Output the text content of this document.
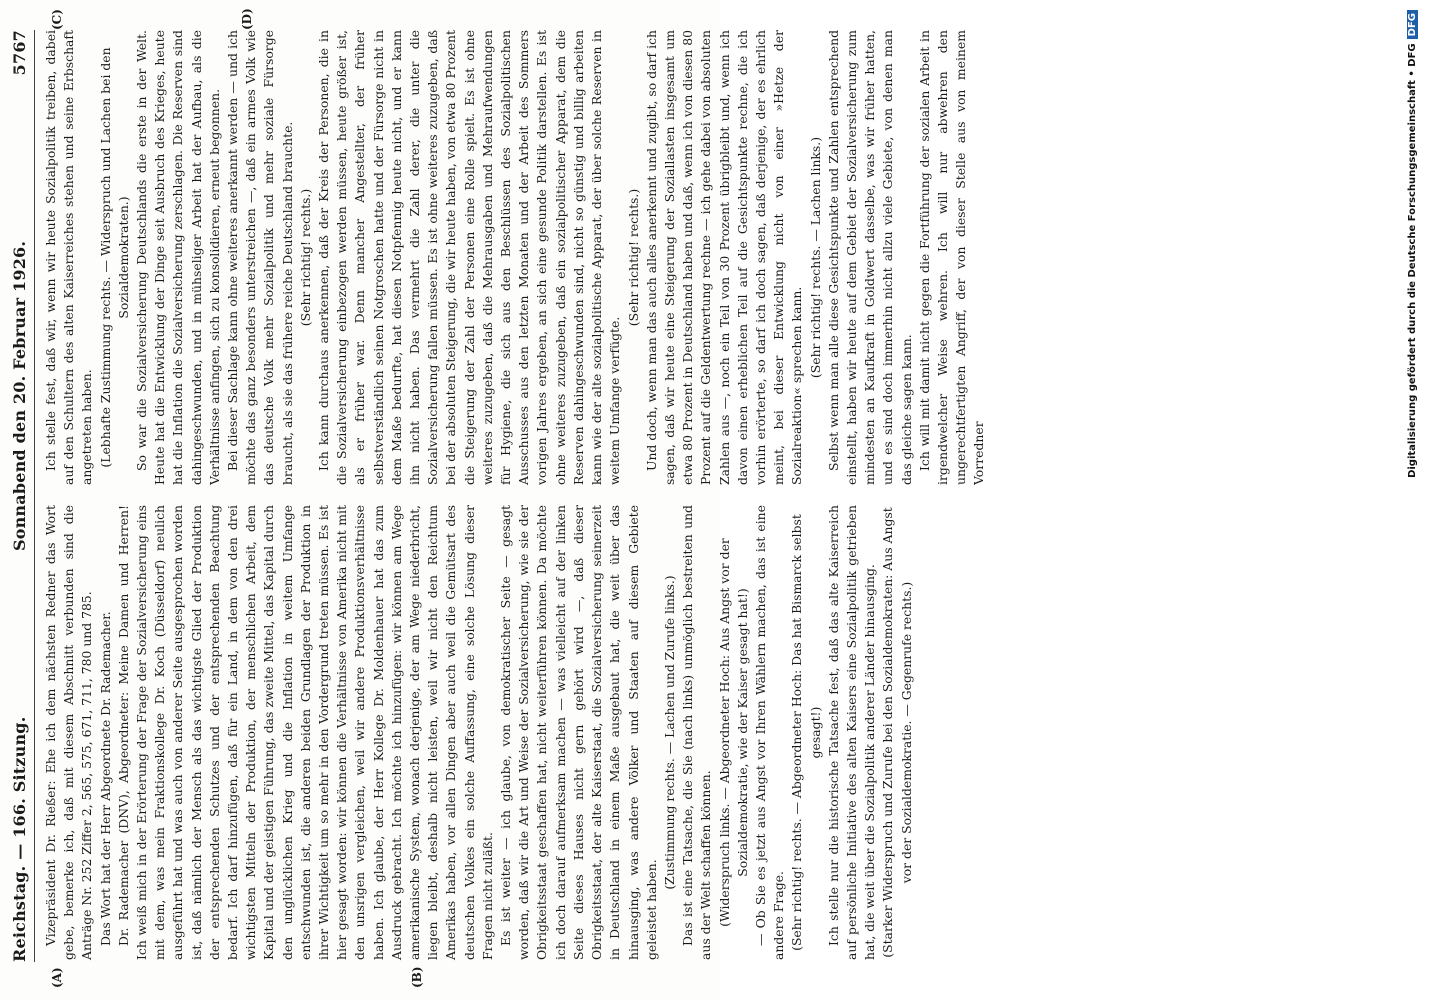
Digitalisierung gefördert durch die Deutsche Forschungsgemeinschaft • DFGDFG
Reichstag. — 166. Sitzung.
Sonnabend den 20. Februar 1926.
5767
(A)	(B)
(C)	(D)

Vizepräsident Dr. Rießer: Ehe ich dem nächsten Redner das Wort gebe, bemerke ich, daß mit diesem Abschnitt verbunden sind die Anträge Nr. 252 Ziffer 2, 565, 575, 671, 711, 780 und 785. Das Wort hat der Herr Abgeordnete Dr. Rademacher. Dr. Rademacher (DNV), Abgeordneter: Meine Damen und Herren! Ich weiß mich in der Erörterung der Frage der Sozialversicherung eins mit dem, was mein Fraktionskollege Dr. Koch (Düsseldorf) neulich ausgeführt hat und was auch von anderer Seite ausgesprochen worden ist, daß nämlich der Mensch als das wichtigste Glied der Produktion der entsprechenden Schutzes und der entsprechenden Beachtung bedarf. Ich darf hinzufügen, daß für ein Land, in dem von den drei wichtigsten Mitteln der Produktion, der menschlichen Arbeit, dem Kapital und der geistigen Führung, das zweite Mittel, das Kapital durch den unglücklichen Krieg und die Inflation in weitem Umfange entschwunden ist, die anderen beiden Grundlagen der Produktion in ihrer Wichtigkeit um so mehr in den Vordergrund treten müssen. Es ist hier gesagt worden: wir können die Verhältnisse von Amerika nicht mit den unsrigen vergleichen, weil wir andere Produktionsverhältnisse haben. Ich glaube, der Herr Kollege Dr. Moldenhauer hat das zum Ausdruck gebracht. Ich möchte ich hinzufügen: wir können am Wege amerikanische System, wonach derjenige, der am Wege niederbricht, liegen bleibt, deshalb nicht leisten, weil wir nicht den Reichtum Amerikas haben, vor allen Dingen aber auch weil die Gemütsart des deutschen Volkes ein solche Auffassung, eine solche Lösung dieser Fragen nicht zuläßt. Es ist weiter — ich glaube, von demokratischer Seite — gesagt worden, daß wir die Art und Weise der Sozialversicherung, wie sie der Obrigkeitsstaat geschaffen hat, nicht weiterführen können. Da möchte ich doch darauf aufmerksam machen — was vielleicht auf der linken Seite dieses Hauses nicht gern gehört wird —, daß dieser Obrigkeitsstaat, der alte Kaiserstaat, die Sozialversicherung seinerzeit in Deutschland in einem Maße ausgebaut hat, die weit über das hinausging, was andere Völker und Staaten auf diesem Gebiete geleistet haben.

(Zustimmung rechts. — Lachen und Zurufe links.) Das ist eine Tatsache, die Sie (nach links) unmöglich bestreiten und aus der Welt schaffen können. (Widerspruch links. — Abgeordneter Hoch: Aus Angst vor der Sozialdemokratie, wie der Kaiser gesagt hat!) — Ob Sie es jetzt aus Angst vor Ihren Wählern machen, das ist eine andere Frage. (Sehr richtig! rechts. — Abgeordneter Hoch: Das hat Bismarck selbst gesagt!) Ich stelle nur die historische Tatsache fest, daß das alte Kaiserreich auf persönliche Initiative des alten Kaisers eine Sozialpolitik getrieben hat, die weit über die Sozialpolitik anderer Länder hinausging. (Starker Widerspruch und Zurufe bei den Sozialdemokraten: Aus Angst vor der Sozialdemokratie. — Gegenrufe rechts.)

Ich stelle fest, daß wir, wenn wir heute Sozialpolitik treiben, dabei auf den Schultern des alten Kaiserreiches stehen und seine Erbschaft angetreten haben. (Lebhafte Zustimmung rechts. — Widerspruch und Lachen bei den Sozialdemokraten.) So war die Sozialversicherung Deutschlands die erste in der Welt. Heute hat die Entwicklung der Dinge seit Ausbruch des Krieges, heute hat die Inflation die Sozialversicherung zerschlagen. Die Reserven sind dahingeschwunden, und in mühseliger Arbeit hat der Aufbau, als die Verhältnisse anfingen, sich zu konsolidieren, erneut begonnen. Bei dieser Sachlage kann ohne weiteres anerkannt werden — und ich möchte das ganz besonders unterstreichen —, daß ein armes Volk wie das deutsche Volk mehr Sozialpolitik und mehr soziale Fürsorge braucht, als sie das frühere reiche Deutschland brauchte. (Sehr richtig! rechts.) Ich kann durchaus anerkennen, daß der Kreis der Personen, die in die Sozialversicherung einbezogen werden müssen, heute größer ist, als er früher war. Denn mancher Angestellter, der früher selbstverständlich seinen Notgroschen hatte und der Fürsorge nicht in dem Maße bedurfte, hat diesen Notpfennig heute nicht, und er kann ihn nicht haben. Das vermehrt die Zahl derer, die unter die Sozialversicherung fallen müssen. Es ist ohne weiteres zuzugeben, daß bei der absoluten Steigerung, die wir heute haben, von etwa 80 Prozent die Steigerung der Zahl der Personen eine Rolle spielt. Es ist ohne weiteres zuzugeben, daß die Mehrausgaben und Mehraufwendungen für Hygiene, die sich aus den Beschlüssen des Sozialpolitischen Ausschusses aus den letzten Monaten und der Arbeit des Sommers vorigen Jahres ergeben, an sich eine gesunde Politik darstellen. Es ist ohne weiteres zuzugeben, daß ein sozialpolitischer Apparat, dem die Reserven dahingeschwunden sind, nicht so günstig und billig arbeiten kann wie der alte sozialpolitische Apparat, der über solche Reserven in weitem Umfange verfügte.

(Sehr richtig! rechts.) Und doch, wenn man das auch alles anerkennt und zugibt, so darf ich sagen, daß wir heute eine Steigerung der Soziallasten insgesamt um etwa 80 Prozent in Deutschland haben und daß, wenn ich von diesen 80 Prozent auf die Geldentwertung rechne — ich gehe dabei von absoluten Zahlen aus —, noch ein Teil von 30 Prozent übrigbleibt und, wenn ich davon einen erheblichen Teil auf die Gesichtspunkte rechne, die ich vorhin erörterte, so darf ich doch sagen, daß derjenige, der es ehrlich meint, bei dieser Entwicklung nicht von einer »Hetze der Sozialreaktion« sprechen kann.

(Sehr richtig! rechts. — Lachen links.) Selbst wenn man alle diese Gesichtspunkte und Zahlen entsprechend einstellt, haben wir heute auf dem Gebiet der Sozialversicherung zum mindesten an Kaufkraft in Goldwert dasselbe, was wir früher hatten, und es sind doch immerhin nicht allzu viele Gebiete, von denen man das gleiche sagen kann. Ich will mit damit nicht gegen die Fortführung der sozialen Arbeit in irgendwelcher Weise wehren. Ich will nur abwehren den ungerechtfertigten Angriff, der von dieser Stelle aus von meinem Vorredner
